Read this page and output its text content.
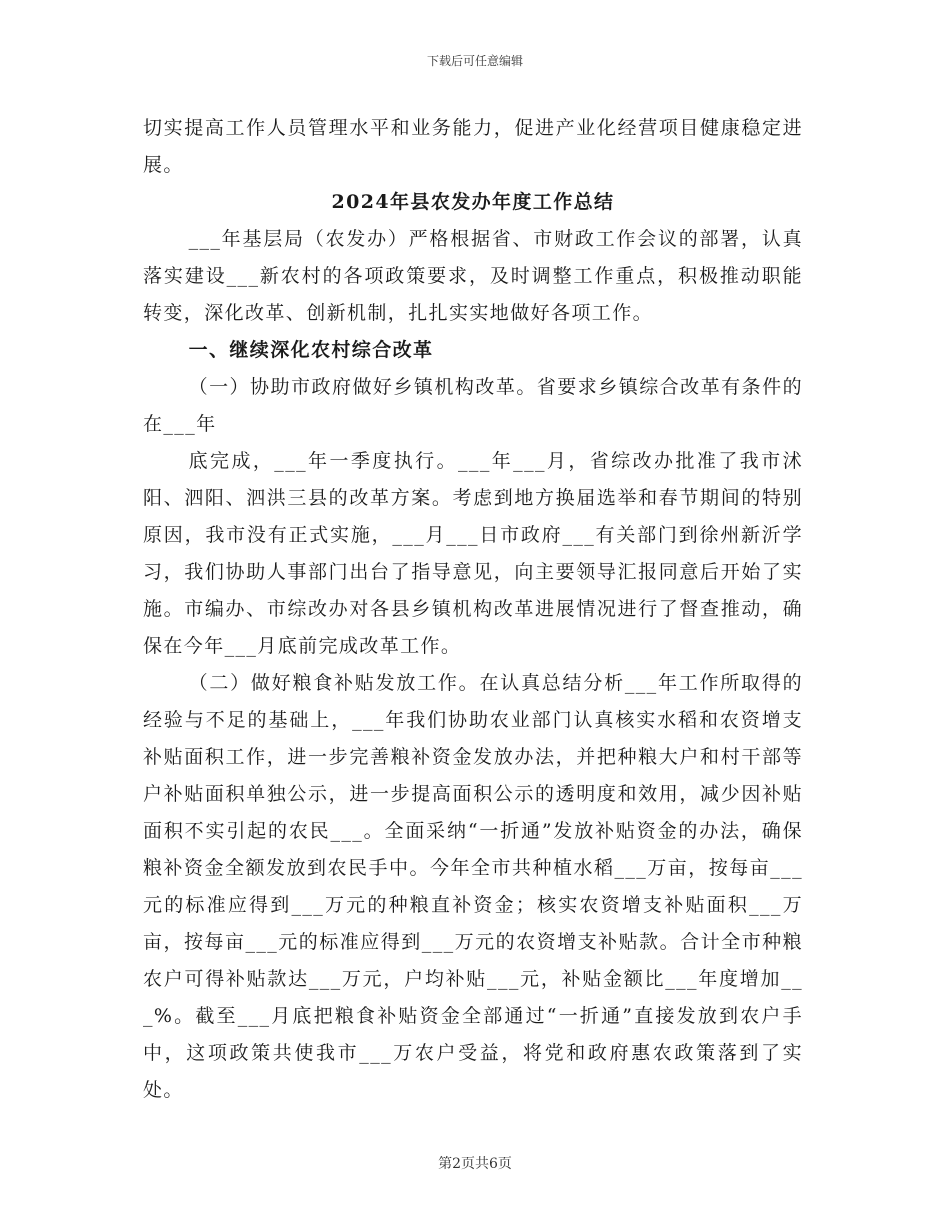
下载后可任意编辑

切实提高工作人员管理水平和业务能力，促进产业化经营项目健康稳定进展。

2024年县农发办年度工作总结

___年基层局（农发办）严格根据省、市财政工作会议的部署，认真落实建设___新农村的各项政策要求，及时调整工作重点，积极推动职能转变，深化改革、创新机制，扎扎实实地做好各项工作。

一、继续深化农村综合改革

（一）协助市政府做好乡镇机构改革。省要求乡镇综合改革有条件的在___年

底完成，___年一季度执行。___年___月，省综改办批准了我市沭阳、泗阳、泗洪三县的改革方案。考虑到地方换届选举和春节期间的特别原因，我市没有正式实施，___月___日市政府___有关部门到徐州新沂学习，我们协助人事部门出台了指导意见，向主要领导汇报同意后开始了实施。市编办、市综改办对各县乡镇机构改革进展情况进行了督查推动，确保在今年___月底前完成改革工作。

（二）做好粮食补贴发放工作。在认真总结分析___年工作所取得的经验与不足的基础上，___年我们协助农业部门认真核实水稻和农资增支补贴面积工作，进一步完善粮补资金发放办法，并把种粮大户和村干部等户补贴面积单独公示，进一步提高面积公示的透明度和效用，减少因补贴面积不实引起的农民___。全面采纳“一折通”发放补贴资金的办法，确保粮补资金全额发放到农民手中。今年全市共种植水稻___万亩，按每亩___元的标准应得到___万元的种粮直补资金；核实农资增支补贴面积___万亩，按每亩___元的标准应得到___万元的农资增支补贴款。合计全市种粮农户可得补贴款达___万元，户均补贴___元，补贴金额比___年度增加___%。截至___月底把粮食补贴资金全部通过“一折通”直接发放到农户手中，这项政策共使我市___万农户受益，将党和政府惠农政策落到了实处。

第2页共6页
